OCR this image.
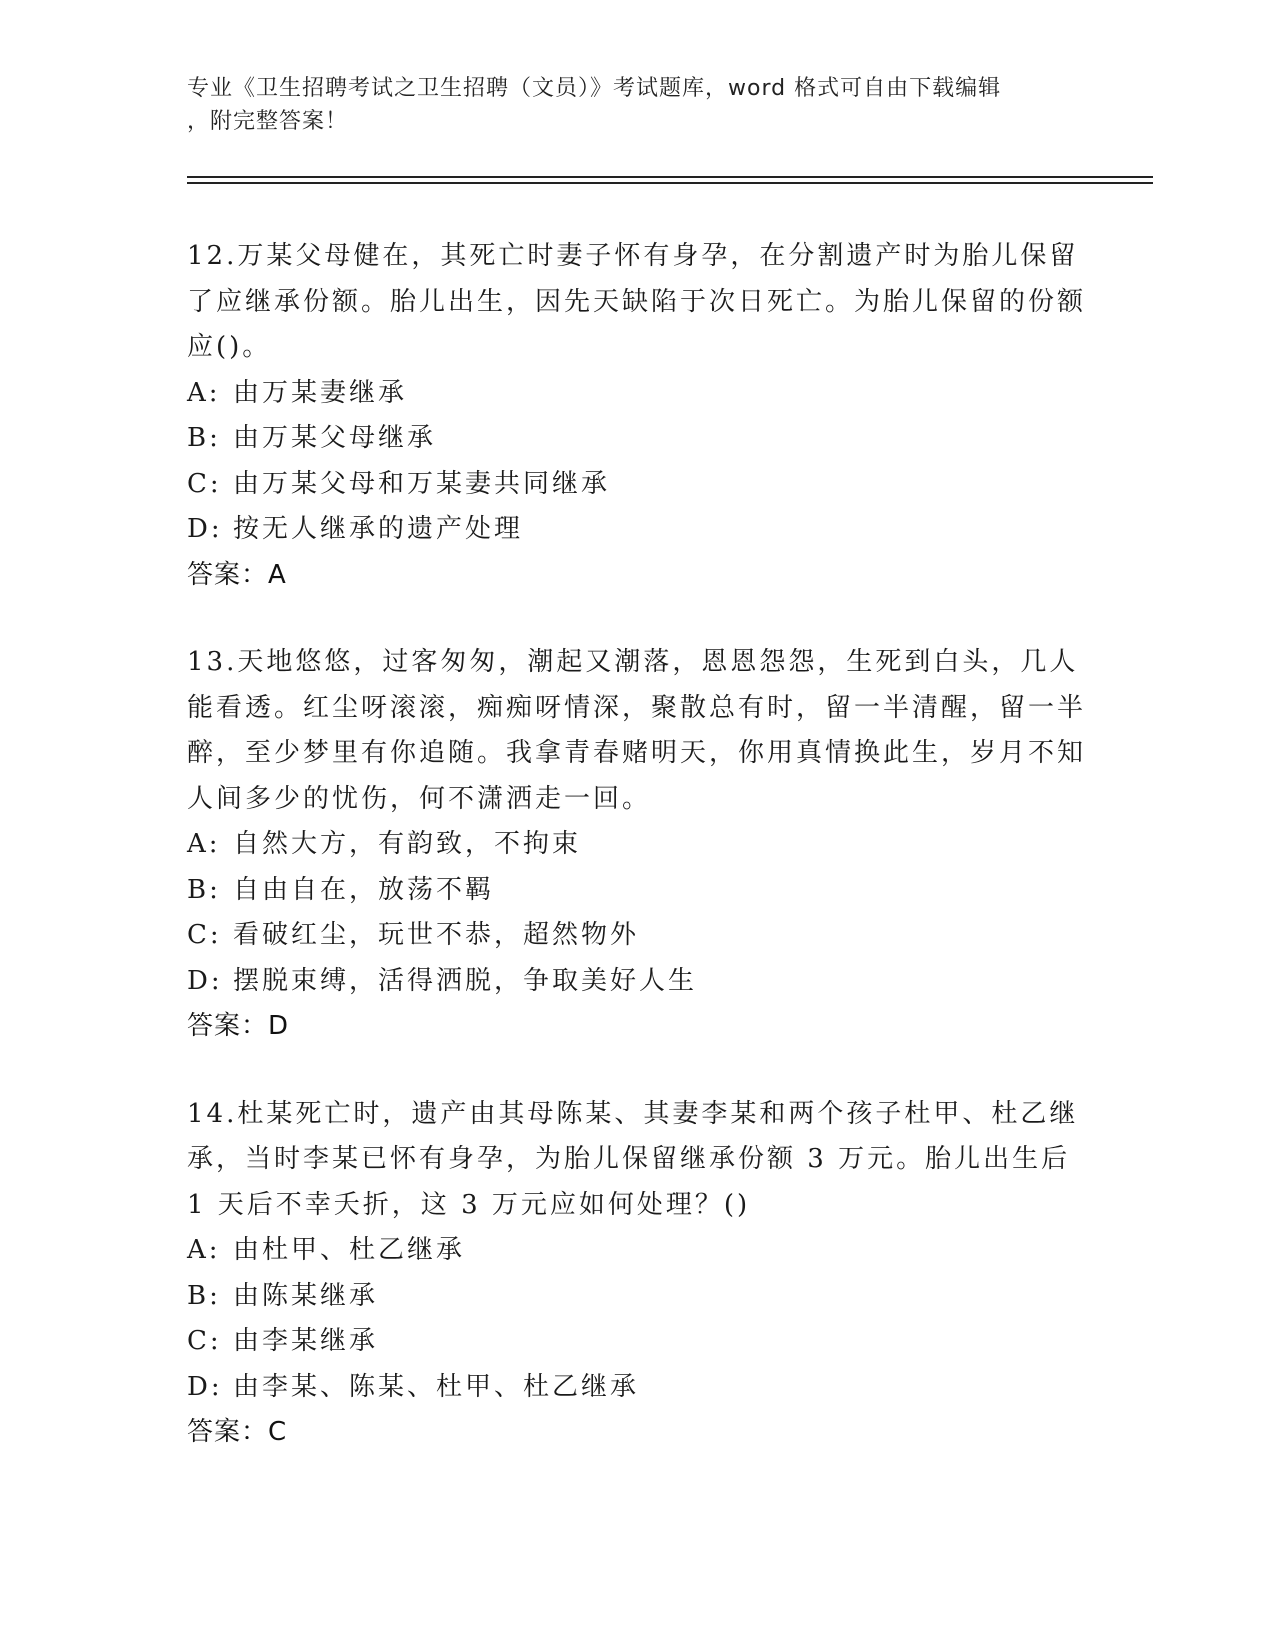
专业《卫生招聘考试之卫生招聘（文员）》考试题库，word 格式可自由下载编辑
，附完整答案！
12.万某父母健在，其死亡时妻子怀有身孕，在分割遗产时为胎儿保留了应继承份额。胎儿出生，因先天缺陷于次日死亡。为胎儿保留的份额应()。
A: 由万某妻继承
B: 由万某父母继承
C: 由万某父母和万某妻共同继承
D: 按无人继承的遗产处理
答案：A
13.天地悠悠，过客匆匆，潮起又潮落，恩恩怨怨，生死到白头，几人能看透。红尘呀滚滚，痴痴呀情深，聚散总有时，留一半清醒，留一半醉，至少梦里有你追随。我拿青春赌明天，你用真情换此生，岁月不知人间多少的忧伤，何不潇洒走一回。
A: 自然大方，有韵致，不拘束
B: 自由自在，放荡不羁
C: 看破红尘，玩世不恭，超然物外
D: 摆脱束缚，活得洒脱，争取美好人生
答案：D
14.杜某死亡时，遗产由其母陈某、其妻李某和两个孩子杜甲、杜乙继承，当时李某已怀有身孕，为胎儿保留继承份额 3 万元。胎儿出生后 1 天后不幸夭折，这 3 万元应如何处理？()
A: 由杜甲、杜乙继承
B: 由陈某继承
C: 由李某继承
D: 由李某、陈某、杜甲、杜乙继承
答案：C
